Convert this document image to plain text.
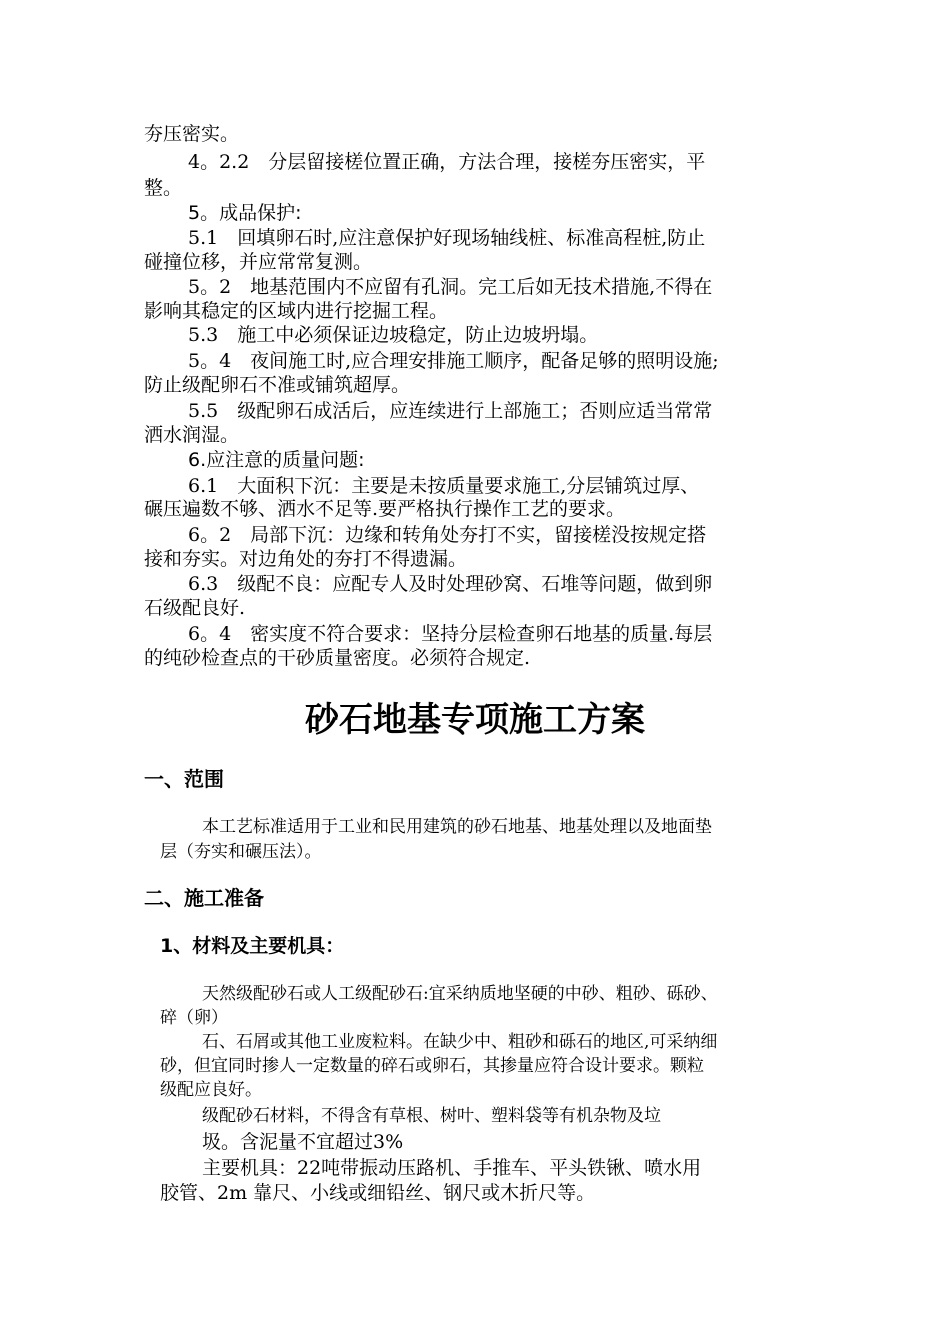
夯压密实。
4。2.2　分层留接槎位置正确，方法合理，接槎夯压密实，平
整。
5。成品保护:
5.1　回填卵石时,应注意保护好现场轴线桩、标准高程桩,防止
碰撞位移，并应常常复测。
5。2　地基范围内不应留有孔洞。完工后如无技术措施,不得在
影响其稳定的区域内进行挖掘工程。
5.3　施工中必须保证边坡稳定，防止边坡坍塌。
5。4　夜间施工时,应合理安排施工顺序，配备足够的照明设施;
防止级配卵石不准或铺筑超厚。
5.5　级配卵石成活后，应连续进行上部施工；否则应适当常常
洒水润湿。
6.应注意的质量问题:
6.1　大面积下沉：主要是未按质量要求施工,分层铺筑过厚、
碾压遍数不够、洒水不足等.要严格执行操作工艺的要求。
6。2　局部下沉：边缘和转角处夯打不实，留接槎没按规定搭
接和夯实。对边角处的夯打不得遗漏。
6.3　级配不良：应配专人及时处理砂窝、石堆等问题，做到卵
石级配良好.
6。4　密实度不符合要求：坚持分层检查卵石地基的质量.每层
的纯砂检查点的干砂质量密度。必须符合规定.
砂石地基专项施工方案
一、范围
本工艺标准适用于工业和民用建筑的砂石地基、地基处理以及地面垫
层（夯实和碾压法）。
二、施工准备
1、材料及主要机具：
天然级配砂石或人工级配砂石:宜采纳质地坚硬的中砂、粗砂、砾砂、
碎（卵）
石、石屑或其他工业废粒料。在缺少中、粗砂和砾石的地区,可采纳细
砂，但宜同时掺人一定数量的碎石或卵石，其掺量应符合设计要求。颗粒
级配应良好。
级配砂石材料，不得含有草根、树叶、塑料袋等有机杂物及垃
圾。含泥量不宜超过3%
主要机具：22吨带振动压路机、手推车、平头铁锹、喷水用
胶管、2m 靠尺、小线或细铅丝、钢尺或木折尺等。
